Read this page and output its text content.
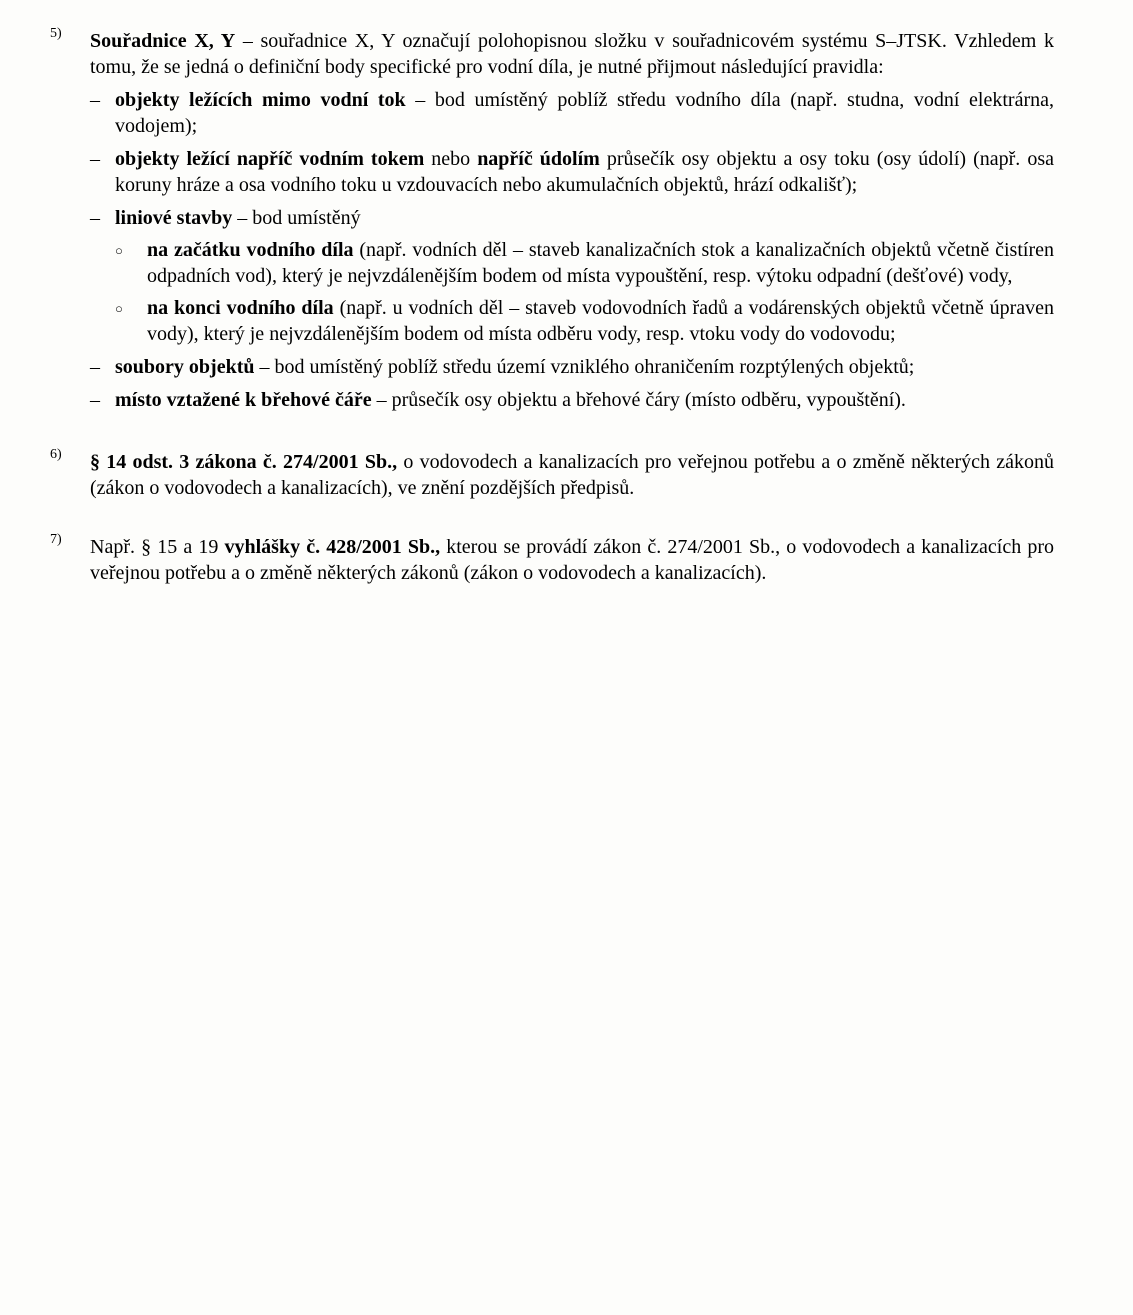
5)	Souřadnice X, Y – souřadnice X, Y označují polohopisnou složku v souřadnicovém systému S–JTSK. Vzhledem k tomu, že se jedná o definiční body specifické pro vodní díla, je nutné přijmout následující pravidla:

– objekty ležících mimo vodní tok – bod umístěný poblíž středu vodního díla (např. studna, vodní elektrárna, vodojem);

– objekty ležící napříč vodním tokem nebo napříč údolím průsečík osy objektu a osy toku (osy údolí) (např. osa koruny hráze a osa vodního toku u vzdouvacích nebo akumulačních objektů, hrází odkališť);

– liniové stavby – bod umístěný

○	na začátku vodního díla (např. vodních děl – staveb kanalizačních stok a kanalizačních objektů včetně čistíren odpadních vod), který je nejvzdálenějším bodem od místa vypouštění, resp. výtoku odpadní (dešťové) vody,

○	na konci vodního díla (např. u vodních děl – staveb vodovodních řadů a vodárenských objektů včetně úpraven vody), který je nejvzdálenějším bodem od místa odběru vody, resp. vtoku vody do vodovodu;

– soubory objektů – bod umístěný poblíž středu území vzniklého ohraničením rozptýlených objektů;

– místo vztažené k břehové čáře – průsečík osy objektu a břehové čáry (místo odběru, vypouštění).

6)	§ 14 odst. 3 zákona č. 274/2001 Sb., o vodovodech a kanalizacích pro veřejnou potřebu a o změně některých zákonů (zákon o vodovodech a kanalizacích), ve znění pozdějších předpisů.

7)	Např. § 15 a 19 vyhlášky č. 428/2001 Sb., kterou se provádí zákon č. 274/2001 Sb., o vodovodech a kanalizacích pro veřejnou potřebu a o změně některých zákonů (zákon o vodovodech a kanalizacích).
